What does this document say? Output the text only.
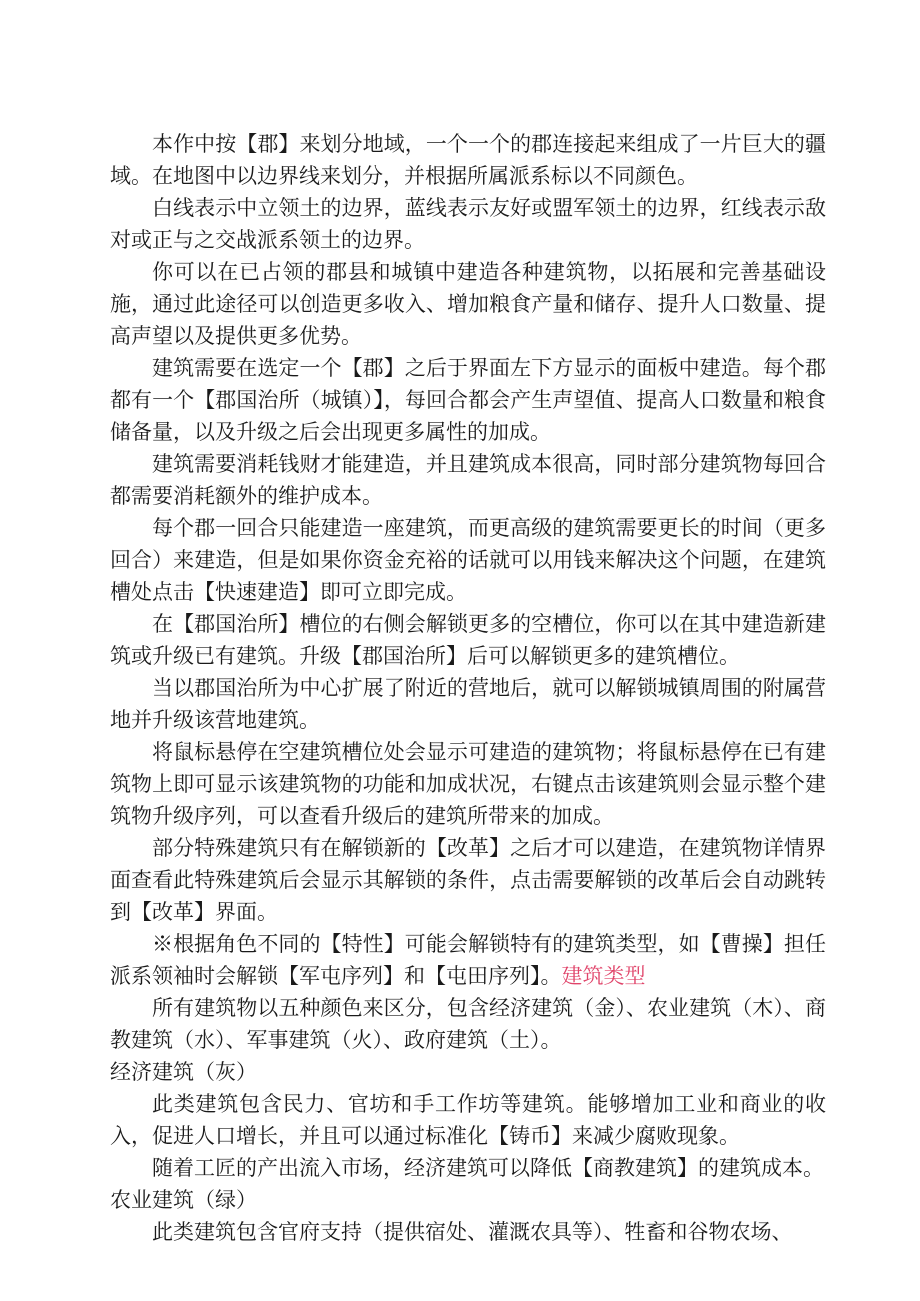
本作中按【郡】来划分地域，一个一个的郡连接起来组成了一片巨大的疆域。在地图中以边界线来划分，并根据所属派系标以不同颜色。

白线表示中立领土的边界，蓝线表示友好或盟军领土的边界，红线表示敌对或正与之交战派系领土的边界。

你可以在已占领的郡县和城镇中建造各种建筑物，以拓展和完善基础设施，通过此途径可以创造更多收入、增加粮食产量和储存、提升人口数量、提高声望以及提供更多优势。

建筑需要在选定一个【郡】之后于界面左下方显示的面板中建造。每个郡都有一个【郡国治所（城镇）】，每回合都会产生声望值、提高人口数量和粮食储备量，以及升级之后会出现更多属性的加成。

建筑需要消耗钱财才能建造，并且建筑成本很高，同时部分建筑物每回合都需要消耗额外的维护成本。

每个郡一回合只能建造一座建筑，而更高级的建筑需要更长的时间（更多回合）来建造，但是如果你资金充裕的话就可以用钱来解决这个问题，在建筑槽处点击【快速建造】即可立即完成。

在【郡国治所】槽位的右侧会解锁更多的空槽位，你可以在其中建造新建筑或升级已有建筑。升级【郡国治所】后可以解锁更多的建筑槽位。

当以郡国治所为中心扩展了附近的营地后，就可以解锁城镇周围的附属营地并升级该营地建筑。

将鼠标悬停在空建筑槽位处会显示可建造的建筑物；将鼠标悬停在已有建筑物上即可显示该建筑物的功能和加成状况，右键点击该建筑则会显示整个建筑物升级序列，可以查看升级后的建筑所带来的加成。

部分特殊建筑只有在解锁新的【改革】之后才可以建造，在建筑物详情界面查看此特殊建筑后会显示其解锁的条件，点击需要解锁的改革后会自动跳转到【改革】界面。

※根据角色不同的【特性】可能会解锁特有的建筑类型，如【曹操】担任派系领袖时会解锁【军屯序列】和【屯田序列】。建筑类型

所有建筑物以五种颜色来区分，包含经济建筑（金）、农业建筑（木）、商教建筑（水）、军事建筑（火）、政府建筑（土）。

经济建筑（灰）

此类建筑包含民力、官坊和手工作坊等建筑。能够增加工业和商业的收入，促进人口增长，并且可以通过标准化【铸币】来减少腐败现象。

随着工匠的产出流入市场，经济建筑可以降低【商教建筑】的建筑成本。

农业建筑（绿）

此类建筑包含官府支持（提供宿处、灌溉农具等）、牲畜和谷物农场、
